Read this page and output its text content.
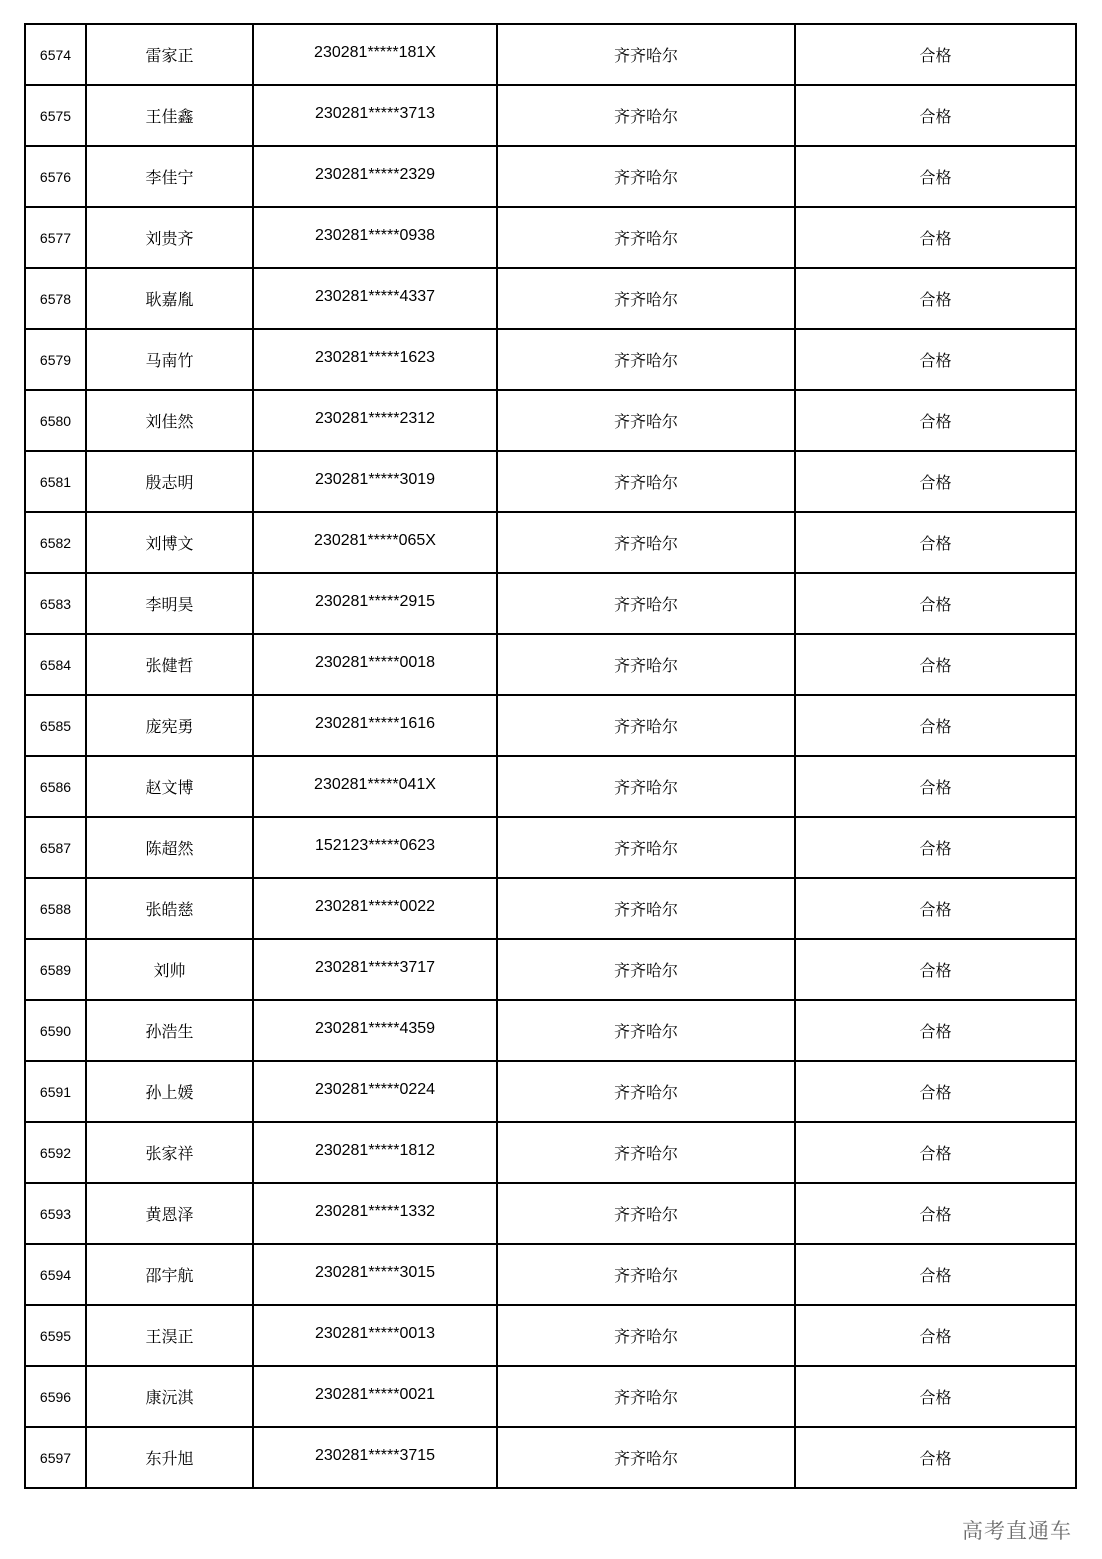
6574	雷家正	230281*****181X	齐齐哈尔	合格
6575	王佳鑫	230281*****3713	齐齐哈尔	合格
6576	李佳宁	230281*****2329	齐齐哈尔	合格
6577	刘贵齐	230281*****0938	齐齐哈尔	合格
6578	耿嘉胤	230281*****4337	齐齐哈尔	合格
6579	马南竹	230281*****1623	齐齐哈尔	合格
6580	刘佳然	230281*****2312	齐齐哈尔	合格
6581	殷志明	230281*****3019	齐齐哈尔	合格
6582	刘博文	230281*****065X	齐齐哈尔	合格
6583	李明昊	230281*****2915	齐齐哈尔	合格
6584	张健哲	230281*****0018	齐齐哈尔	合格
6585	庞宪勇	230281*****1616	齐齐哈尔	合格
6586	赵文博	230281*****041X	齐齐哈尔	合格
6587	陈超然	152123*****0623	齐齐哈尔	合格
6588	张皓慈	230281*****0022	齐齐哈尔	合格
6589	刘帅	230281*****3717	齐齐哈尔	合格
6590	孙浩生	230281*****4359	齐齐哈尔	合格
6591	孙上媛	230281*****0224	齐齐哈尔	合格
6592	张家祥	230281*****1812	齐齐哈尔	合格
6593	黄恩泽	230281*****1332	齐齐哈尔	合格
6594	邵宇航	230281*****3015	齐齐哈尔	合格
6595	王淏正	230281*****0013	齐齐哈尔	合格
6596	康沅淇	230281*****0021	齐齐哈尔	合格
6597	东升旭	230281*****3715	齐齐哈尔	合格
高考直通车
